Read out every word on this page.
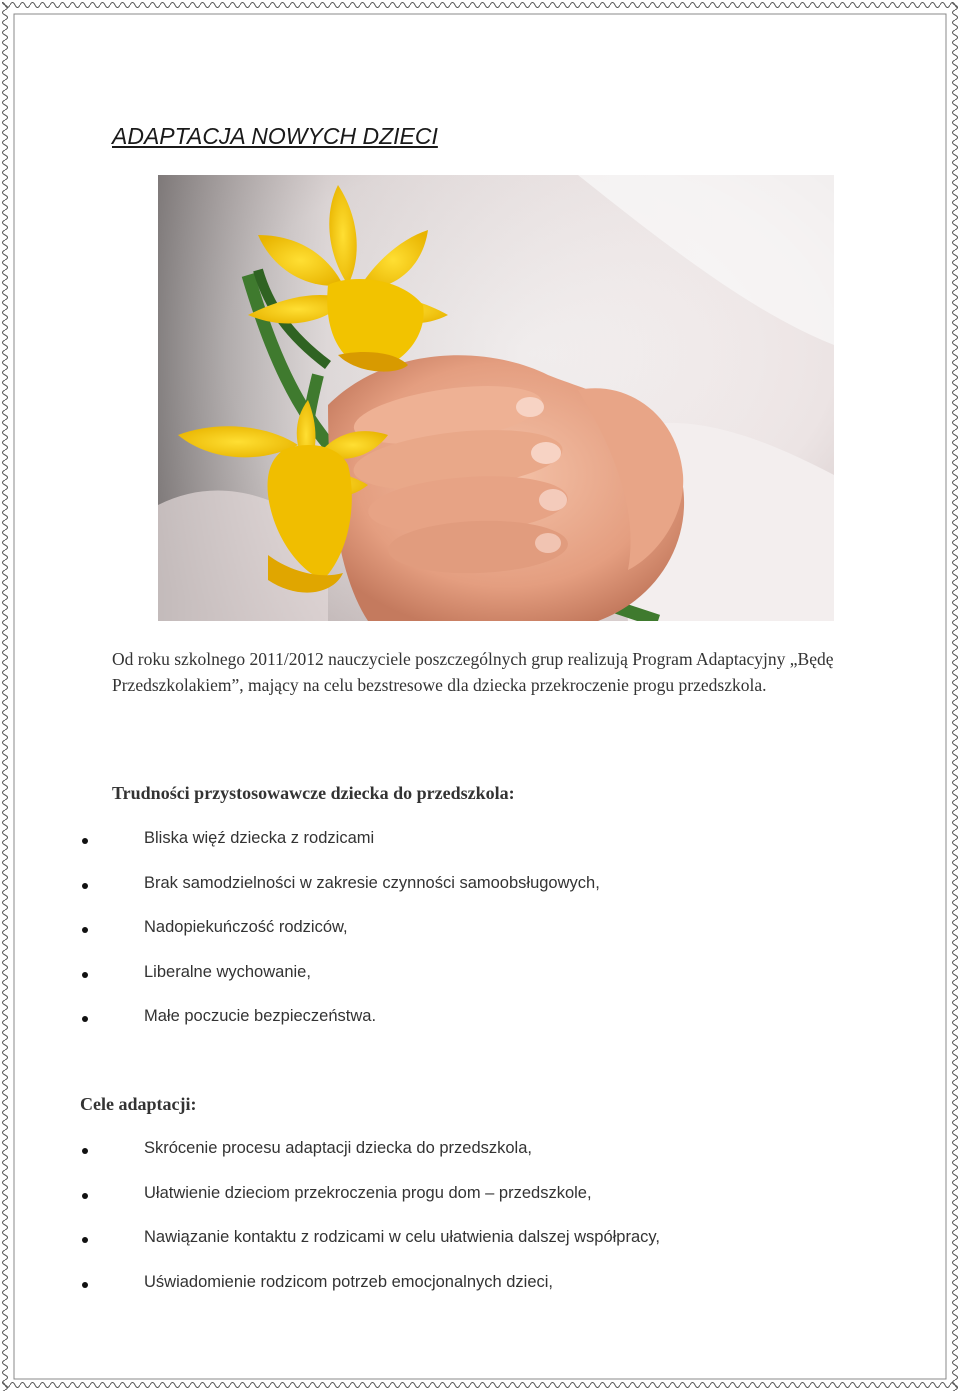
ADAPTACJA NOWYCH DZIECI

Od roku szkolnego 2011/2012 nauczyciele poszczególnych grup realizują Program Adaptacyjny „Będę Przedszkolakiem”, mający na celu bezstresowe dla dziecka przekroczenie progu przedszkola.

Trudności przystosowawcze dziecka do przedszkola:
Bliska więź dziecka z rodzicami
Brak samodzielności w zakresie czynności samoobsługowych,
Nadopiekuńczość rodziców,
Liberalne wychowanie,
Małe poczucie bezpieczeństwa.
Cele adaptacji:
Skrócenie procesu adaptacji dziecka do przedszkola,
Ułatwienie dzieciom przekroczenia progu dom – przedszkole,
Nawiązanie kontaktu z rodzicami w celu ułatwienia dalszej współpracy,
Uświadomienie rodzicom potrzeb emocjonalnych dzieci,
